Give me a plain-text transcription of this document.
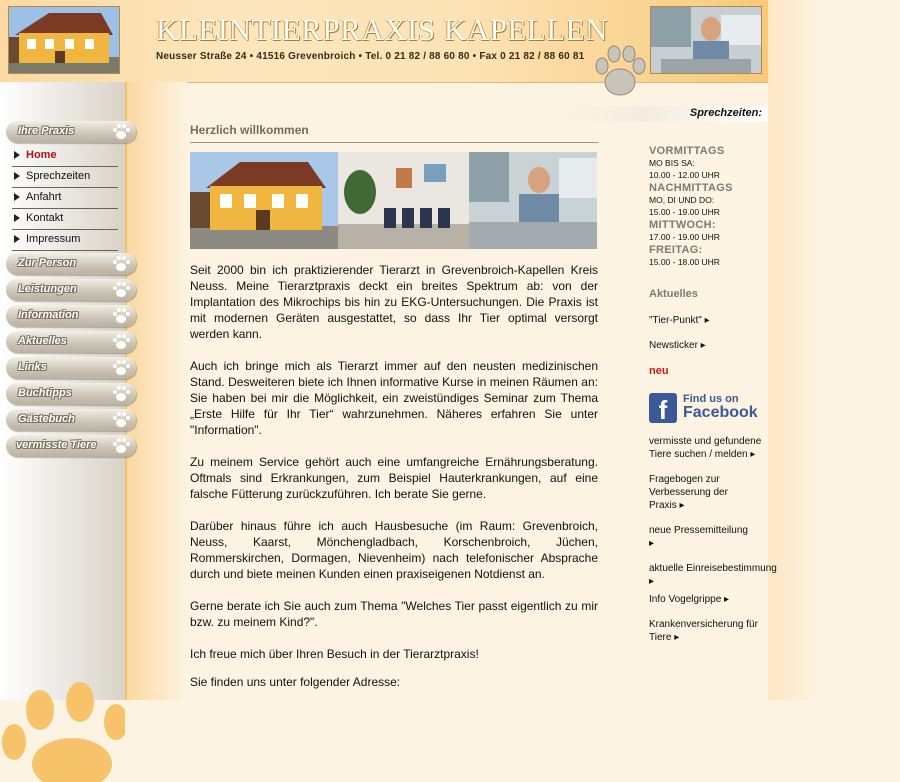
KLEINTIERPRAXIS KAPELLEN
Neusser Straße 24 • 41516 Grevenbroich • Tel. 0 21 82 / 88 60 80 • Fax 0 21 82 / 88 60 81
Ihre Praxis
Home
Sprechzeiten
Anfahrt
Kontakt
Impressum
Zur Person
Leistungen
Information
Aktuelles
Links
Buchtipps
Gästebuch
vermisste Tiere
Herzlich willkommen

Seit 2000 bin ich praktizierender Tierarzt in Grevenbroich-Kapellen Kreis Neuss. Meine Tierarztpraxis deckt ein breites Spektrum ab: von der Implantation des Mikrochips bis hin zu EKG-Untersuchungen. Die Praxis ist mit modernen Geräten ausgestattet, so dass Ihr Tier optimal versorgt werden kann.

Auch ich bringe mich als Tierarzt immer auf den neusten medizinischen Stand. Desweiteren biete ich Ihnen informative Kurse in meinen Räumen an: Sie haben bei mir die Möglichkeit, ein zweistündiges Seminar zum Thema „Erste Hilfe für Ihr Tier“ wahrzunehmen. Näheres erfahren Sie unter "Information".

Zu meinem Service gehört auch eine umfangreiche Ernährungsberatung. Oftmals sind Erkrankungen, zum Beispiel Hauterkrankungen, auf eine falsche Fütterung zurückzuführen. Ich berate Sie gerne.

Darüber hinaus führe ich auch Hausbesuche (im Raum: Grevenbroich, Neuss, Kaarst, Mönchengladbach, Korschenbroich, Jüchen, Rommerskirchen, Dormagen, Nievenheim) nach telefonischer Absprache durch und biete meinen Kunden einen praxiseigenen Notdienst an.

Gerne berate ich Sie auch zum Thema "Welches Tier passt eigentlich zu mir bzw. zu meinem Kind?".

Ich freue mich über Ihren Besuch in der Tierarztpraxis!

Sie finden uns unter folgender Adresse:

Sprechzeiten:
VORMITTAGS
MO BIS SA:
10.00 - 12.00 UHR
NACHMITTAGS
MO, DI UND DO:
15.00 - 19.00 UHR
MITTWOCH:
17.00 - 19.00 UHR
FREITAG:
15.00 - 18.00 UHR
Aktuelles
"Tier-Punkt" ▸
Newsticker ▸
neu
f	Find us on
Facebook
vermisste und gefundene Tiere suchen / melden ▸
Fragebogen zur Verbesserung der Praxis ▸
neue Pressemitteilung ▸
aktuelle Einreisebestimmung ▸
Info Vogelgrippe ▸
Krankenversicherung für Tiere ▸
